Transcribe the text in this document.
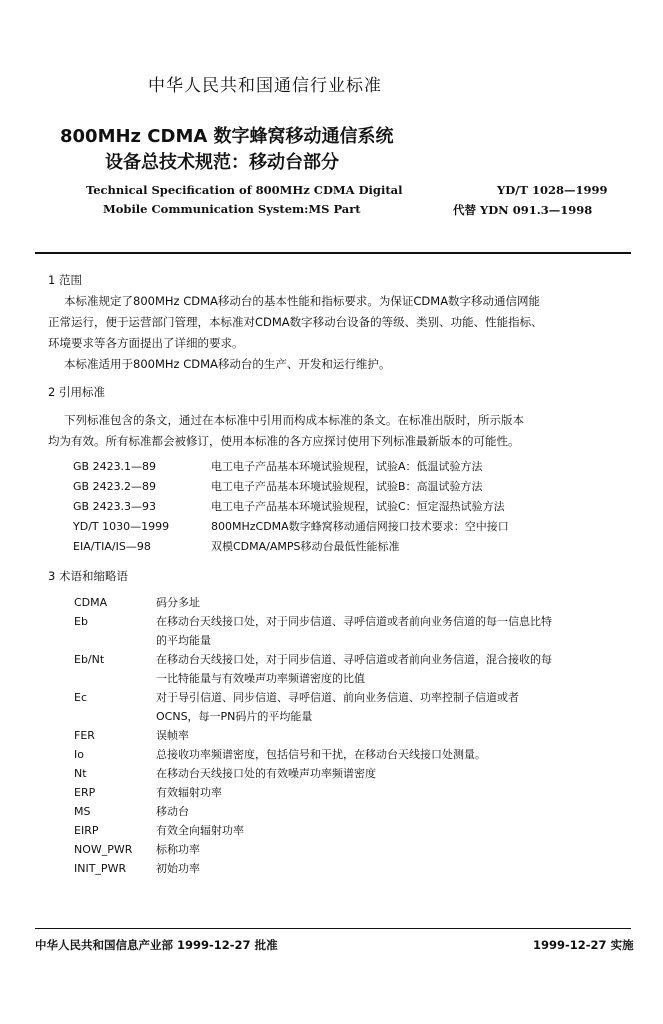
中华人民共和国通信行业标准
800MHz CDMA 数字蜂窝移动通信系统
设备总技术规范：移动台部分
Technical Specification of 800MHz CDMA Digital
Mobile Communication System:MS Part
YD/T 1028—1999
代替 YDN 091.3—1998
1 范围
本标准规定了800MHz CDMA移动台的基本性能和指标要求。为保证CDMA数字移动通信网能
正常运行，便于运营部门管理，本标准对CDMA数字移动台设备的等级、类别、功能、性能指标、
环境要求等各方面提出了详细的要求。
本标准适用于800MHz CDMA移动台的生产、开发和运行维护。
2 引用标准
下列标准包含的条文，通过在本标准中引用而构成本标准的条文。在标准出版时，所示版本
均为有效。所有标准都会被修订，使用本标准的各方应探讨使用下列标准最新版本的可能性。
GB 2423.1—89	电工电子产品基本环境试验规程，试验A：低温试验方法
GB 2423.2—89	电工电子产品基本环境试验规程，试验B：高温试验方法
GB 2423.3—93	电工电子产品基本环境试验规程，试验C：恒定湿热试验方法
YD/T 1030—1999	800MHzCDMA数字蜂窝移动通信网接口技术要求：空中接口
EIA/TIA/IS—98	双模CDMA/AMPS移动台最低性能标准
3 术语和缩略语
CDMA	码分多址
Eb	在移动台天线接口处，对于同步信道、寻呼信道或者前向业务信道的每一信息比特的平均能量
Eb/Nt	在移动台天线接口处，对于同步信道、寻呼信道或者前向业务信道，混合接收的每一比特能量与有效噪声功率频谱密度的比值
Ec	对于导引信道、同步信道、寻呼信道、前向业务信道、功率控制子信道或者OCNS，每一PN码片的平均能量
FER	误帧率
Io	总接收功率频谱密度，包括信号和干扰，在移动台天线接口处测量。
Nt	在移动台天线接口处的有效噪声功率频谱密度
ERP	有效辐射功率
MS	移动台
EIRP	有效全向辐射功率
NOW_PWR	标称功率
INIT_PWR	初始功率
中华人民共和国信息产业部 1999-12-27 批准	1999-12-27 实施
